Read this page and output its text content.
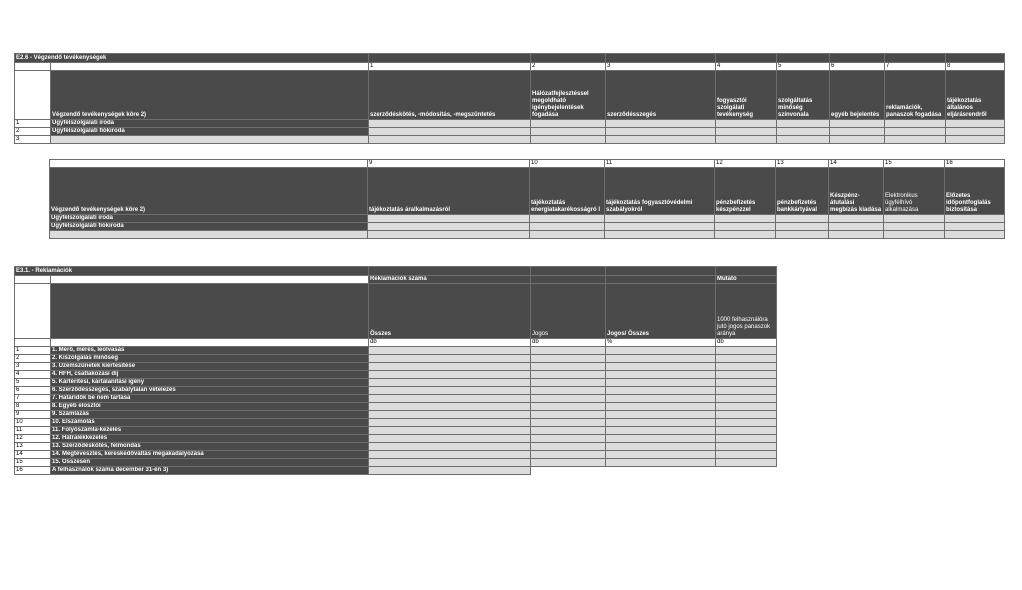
E2.6 - Végzendő tevékenységek									
		1	2	3	4	5	6	7	8
	Végzendő tevékenységek köre 2)	szerződéskötés, -módosítás, -megszüntetés	Hálózatfejlesztéssel megoldható igénybejelentések fogadása	szerződésszegés	fogyasztói szolgálati tevékenység	szolgáltatás minőség színvonala	egyéb bejelentés	reklamációk, panaszok fogadása	tájékoztatás általános eljárásrendről
1	Ügyfélszolgálati iroda								
2	Ügyfélszolgálati fiókiroda								
3									
	9	10	11	12	13	14	15	16
Végzendő tevékenységek köre 2)	tájékoztatás áralkalmazásról	tájékoztatás energiatakarékosságró l	tájékoztatás fogyasztóvédelmi szabályokról	pénzbefizetés készpénzzel	pénzbefizetés bankkártyával	Készpénz-átutalási megbízás kiadása	Elektronikus ügyfélhívó alkalmazása	Előzetes időpontfoglalás biztosítása
Ügyfélszolgálati iroda								
Ügyfélszolgálati fiókiroda								

E3.1. - Reklamációk					
		Reklamációk száma			Mutató
		Összes	Jogos	Jogos/ Összes	1000 felhasználóra jutó jogos panaszok aránya
		db	db	%	db
1	1. Mérő, mérés, leolvasás				
2	2. Kiszolgálás minőség				
3	3. Üzemszünetek kiértesítése				
4	4. HFH, csatlakozási díj				
5	5. Kártérítési, kártalanítási igény				
6	6. Szerződésszegés, szabálytalan vételezés				
7	7. Határidők be nem tartása				
8	8. Egyéb elosztói				
9	9. Számlázás				
10	10. Elszámolás				
11	11. Folyószámla-kezelés				
12	12. Hátralékkezelés				
13	13. Szerződéskötés, felmondás				
14	14. Megtévesztés, kereskedőváltás megakadályozása				
15	15. Összesen				
16	A felhasználók száma december 31-én 3)				
